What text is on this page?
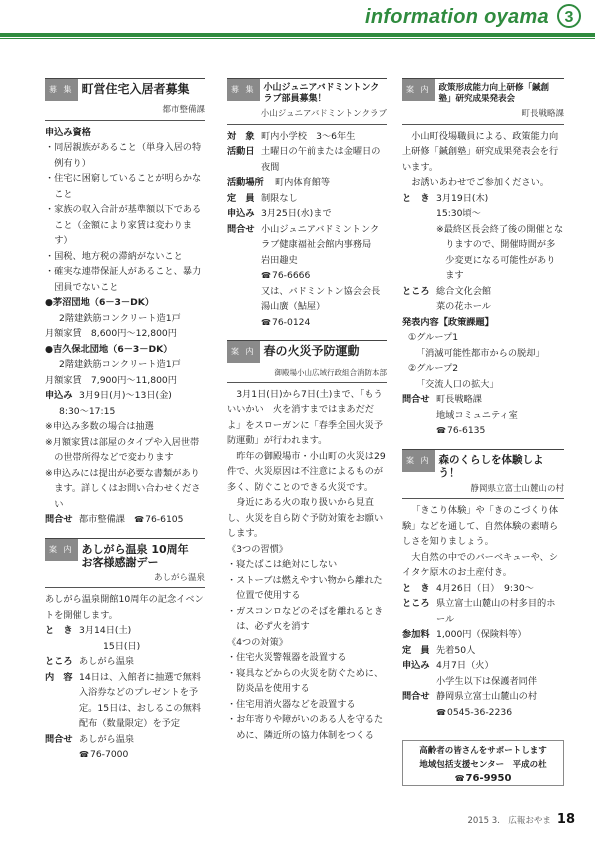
information oyama 3
募 集 町営住宅入居者募集
都市整備課
申込み資格
・同居親族があること（単身入居の特例有り）
・住宅に困窮していることが明らかなこと
・家族の収入合計が基準額以下であること（金額により家賃は変わります）
・国税、地方税の滞納がないこと
・確実な連帯保証人があること、暴力団員でないこと
●茅沼団地（6－3－DK）
2階建鉄筋コンクリート造1戸
月額家賃　8,600円～12,800円
●吉久保北団地（6－3－DK）
2階建鉄筋コンクリート造1戸
月額家賃　7,900円～11,800円
申込み 3月9日(月)～13日(金)
8:30～17:15
※申込み多数の場合は抽選
※月額家賃は部屋のタイプや入居世帯の世帯所得などで変わります
※申込みには提出が必要な書類があります。詳しくはお問い合わせください
問合せ 都市整備課　☎ 76-6105
案 内 あしがら温泉 10周年お客様感謝デー
あしがら温泉
あしがら温泉開館10周年の記念イベントを開催します。
と　き 3月14日(土)
15日(日)
ところ あしがら温泉
内　容 14日は、入館者に抽選で無料入浴券などのプレゼントを予定。15日は、おしるこの無料配布（数量限定）を予定
問合せ あしがら温泉
☎ 76-7000
募 集 小山ジュニアバドミントンクラブ部員募集！
小山ジュニアバドミントンクラブ
対　象 町内小学校　3～6年生
活動日 土曜日の午前または金曜日の夜間
活動場所	町内体育館等
定　員 制限なし
申込み 3月25日(水)まで
問合せ 小山ジュニアバドミントンクラブ健康福祉会館内事務局　岩田趣史
☎ 76-6666
又は、バドミントン協会会長　湯山廣（鮎屋）
☎ 76-0124
案 内 春の火災予防運動
御殿場小山広域行政組合消防本部
3月1日(日)から7日(土)まで、「もういいかい　火を消すまではまあだだよ」をスローガンに「春季全国火災予防運動」が行われます。
昨年の御殿場市・小山町の火災は29件で、火災原因は不注意によるものが多く、防ぐことのできる火災です。
身近にある火の取り扱いから見直し、火災を自ら防ぐ予防対策をお願いします。
《3つの習慣》
・寝たばこは絶対にしない
・ストーブは燃えやすい物から離れた位置で使用する
・ガスコンロなどのそばを離れるときは、必ず火を消す
《4つの対策》
・住宅火災警報器を設置する
・寝具などからの火災を防ぐために、防炎品を使用する
・住宅用消火器などを設置する
・お年寄りや障がいのある人を守るために、隣近所の協力体制をつくる
案 内 政策形成能力向上研修「鍼創塾」研究成果発表会
町長戦略課
小山町役場職員による、政策能力向上研修「鍼創塾」研究成果発表会を行います。
お誘いあわせでご参加ください。
と　き 3月19日(木)
15:30頃～
※最終区長会終了後の開催となりますので、開催時間が多少変更になる可能性があります
ところ 総合文化会館
菜の花ホール
発表内容【政策課題】
①グループ1
「消滅可能性都市からの脱却」
②グループ2
「交流人口の拡大」
問合せ 町長戦略課
地域コミュニティ室
☎ 76-6135
案 内 森のくらしを体験しよう！
静岡県立富士山麓山の村
「きこり体験」や「きのこづくり体験」などを通して、自然体験の素晴らしさを知りましょう。
大自然の中でのバーベキューや、シイタケ原木のお土産付き。
と　き 4月26日（日）　9:30～
ところ 県立富士山麓山の村多目的ホール
参加料 1,000円（保険料等）
定　員 先着50人
申込み 4月7日（火）
小学生以下は保護者同伴
問合せ 静岡県立富士山麓山の村
☎ 0545-36-2236
高齢者の皆さんをサポートします
地域包括支援センター　平成の杜
☎ 76-9950
2015 3.　広報おやま 18
